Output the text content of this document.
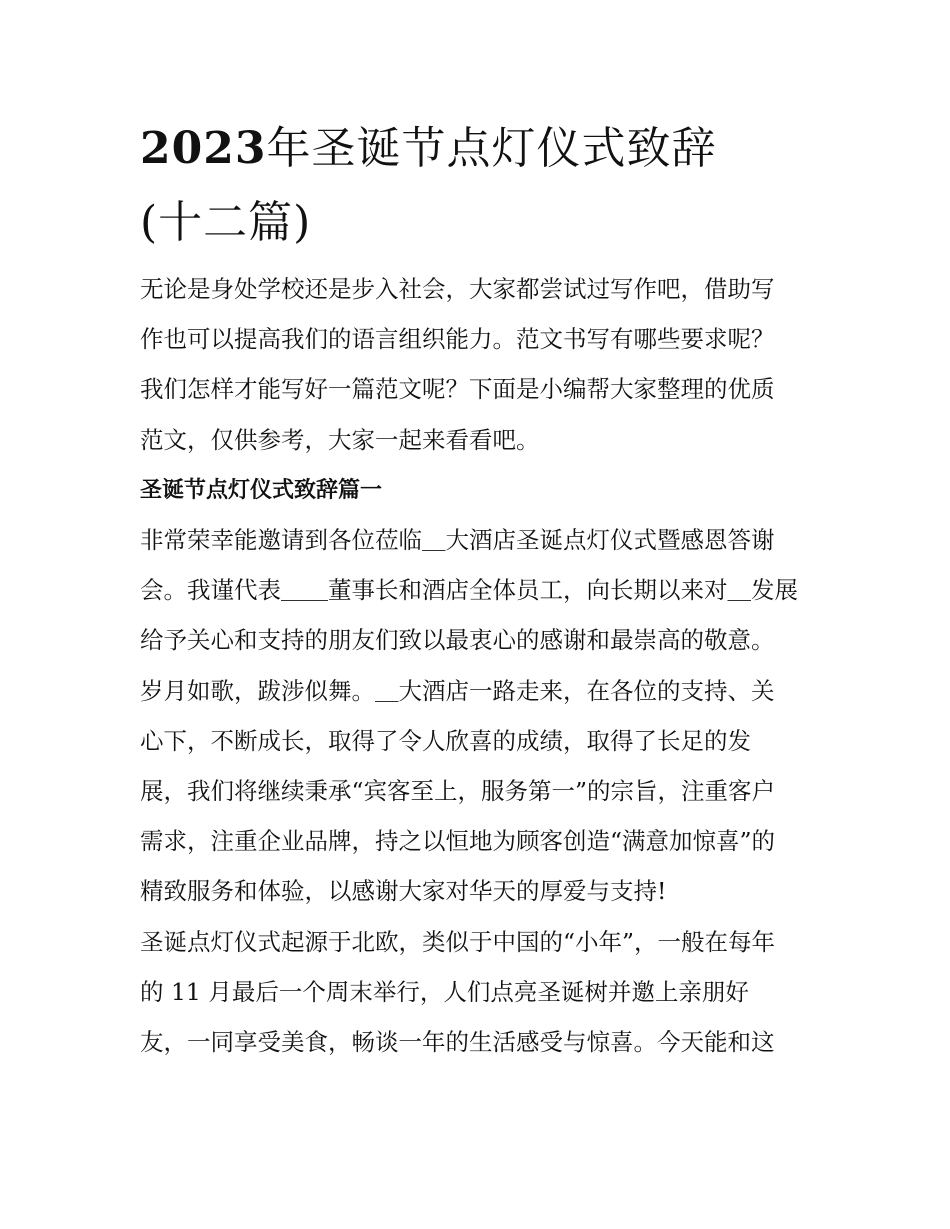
2023年圣诞节点灯仪式致辞
(十二篇)

无论是身处学校还是步入社会，大家都尝试过写作吧，借助写
作也可以提高我们的语言组织能力。范文书写有哪些要求呢？
我们怎样才能写好一篇范文呢？下面是小编帮大家整理的优质
范文，仅供参考，大家一起来看看吧。

圣诞节点灯仪式致辞篇一

非常荣幸能邀请到各位莅临＿大酒店圣诞点灯仪式暨感恩答谢
会。我谨代表＿＿董事长和酒店全体员工，向长期以来对＿发展
给予关心和支持的朋友们致以最衷心的感谢和最崇高的敬意。
岁月如歌，跋涉似舞。＿大酒店一路走来，在各位的支持、关
心下，不断成长，取得了令人欣喜的成绩，取得了长足的发
展，我们将继续秉承“宾客至上，服务第一”的宗旨，注重客户
需求，注重企业品牌，持之以恒地为顾客创造“满意加惊喜”的
精致服务和体验，以感谢大家对华天的厚爱与支持!

圣诞点灯仪式起源于北欧，类似于中国的“小年”，一般在每年
的 11 月最后一个周末举行，人们点亮圣诞树并邀上亲朋好
友，一同享受美食，畅谈一年的生活感受与惊喜。今天能和这
